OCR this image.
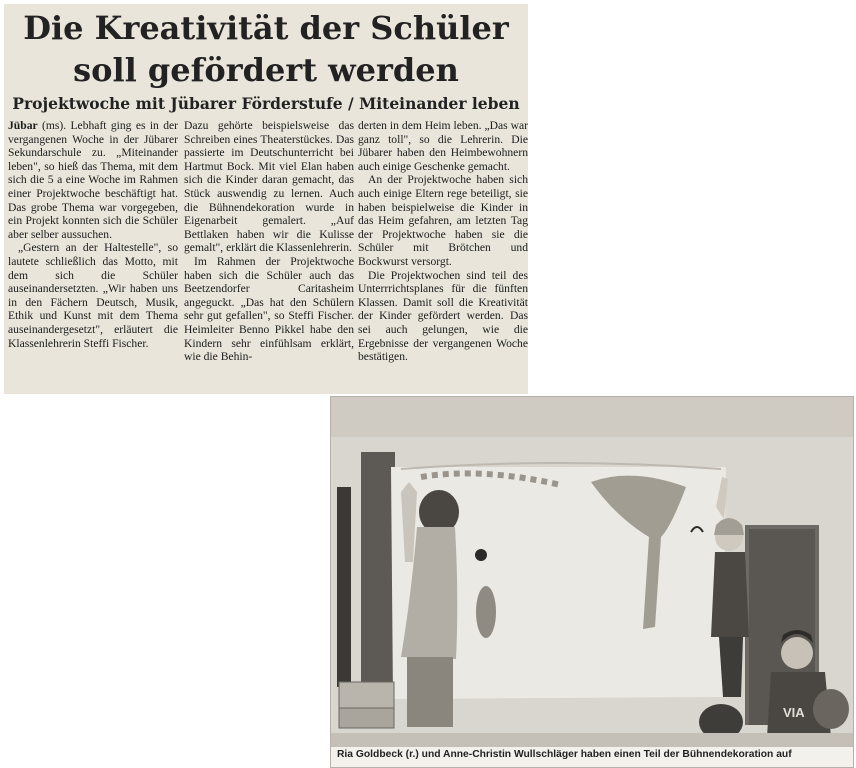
Die Kreativität der Schüler
soll gefördert werden
Projektwoche mit Jübarer Förderstufe / Miteinander leben

Jübar (ms). Lebhaft ging es in der vergangenen Woche in der Jübarer Sekundarschule zu. „Miteinander leben", so hieß das Thema, mit dem sich die 5 a eine Woche im Rahmen einer Projektwoche beschäftigt hat. Das grobe Thema war vorgegeben, ein Projekt konnten sich die Schüler aber selber aussuchen.

„Gestern an der Haltestelle", so lautete schließlich das Motto, mit dem sich die Schüler auseinandersetzten. „Wir haben uns in den Fächern Deutsch, Musik, Ethik und Kunst mit dem Thema auseinandergesetzt", erläutert die Klassenlehrerin Steffi Fischer.

Dazu gehörte beispielsweise das Schreiben eines Theaterstückes. Das passierte im Deutschunterricht bei Hartmut Bock. Mit viel Elan haben sich die Kinder daran gemacht, das Stück auswendig zu lernen. Auch die Bühnendekoration wurde in Eigenarbeit gemalert. „Auf Bettlaken haben wir die Kulisse gemalt", erklärt die Klassenlehrerin.

Im Rahmen der Projektwoche haben sich die Schüler auch das Beetzendorfer Caritasheim angeguckt. „Das hat den Schülern sehr gut gefallen", so Steffi Fischer. Heimleiter Benno Pikkel habe den Kindern sehr einfühlsam erklärt, wie die Behin-

derten in dem Heim leben. „Das war ganz toll", so die Lehrerin. Die Jübarer haben den Heimbewohnern auch einige Geschenke gemacht.

An der Projektwoche haben sich auch einige Eltern rege beteiligt, sie haben beispielweise die Kinder in das Heim gefahren, am letzten Tag der Projektwoche haben sie die Schüler mit Brötchen und Bockwurst versorgt.

Die Projektwochen sind teil des Unterrrichtsplanes für die fünften Klassen. Damit soll die Kreativität der Kinder gefördert werden. Das sei auch gelungen, wie die Ergebnisse der vergangenen Woche bestätigen.

VIA
Ria Goldbeck (r.) und Anne-Christin Wullschläger haben einen Teil der Bühnendekoration auf
